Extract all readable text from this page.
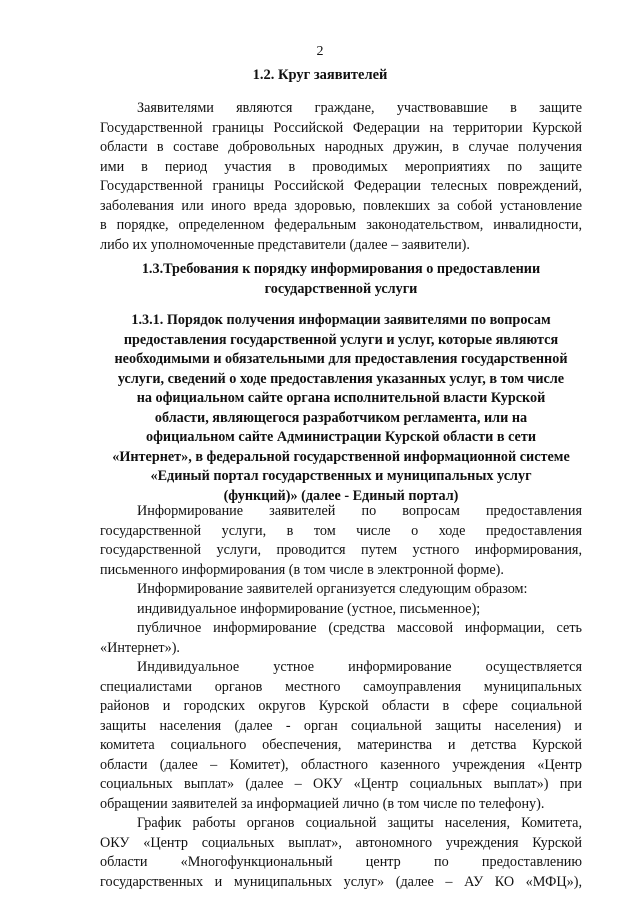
2
1.2. Круг заявителей
Заявителями являются граждане, участвовавшие в защите
Государственной границы Российской Федерации на территории Курской
области в составе добровольных народных дружин, в случае получения
ими в период участия в проводимых мероприятиях по защите
Государственной границы Российской Федерации телесных повреждений,
заболевания или иного вреда здоровью, повлекших за собой установление
в порядке, определенном федеральным законодательством, инвалидности,
либо их уполномоченные представители (далее – заявители).
1.3.Требования к порядку информирования о предоставлении
государственной услуги
1.3.1. Порядок получения информации заявителями по вопросам
предоставления государственной услуги и услуг, которые являются
необходимыми и обязательными для предоставления государственной
услуги, сведений о ходе предоставления указанных услуг, в том числе
на официальном сайте органа исполнительной власти Курской
области, являющегося разработчиком регламента, или на
официальном сайте Администрации Курской области в сети
«Интернет», в федеральной государственной информационной системе
«Единый портал государственных и муниципальных услуг
(функций)» (далее - Единый портал)
Информирование заявителей по вопросам предоставления
государственной услуги, в том числе о ходе предоставления
государственной услуги, проводится путем устного информирования,
письменного информирования (в том числе в электронной форме).
Информирование заявителей организуется следующим образом:
индивидуальное информирование (устное, письменное);
публичное информирование (средства массовой информации, сеть
«Интернет»).
Индивидуальное устное информирование осуществляется
специалистами органов местного самоуправления муниципальных
районов и городских округов Курской области в сфере социальной
защиты населения (далее - орган социальной защиты населения) и
комитета социального обеспечения, материнства и детства Курской
области (далее – Комитет), областного казенного учреждения «Центр
социальных выплат» (далее – ОКУ «Центр социальных выплат») при
обращении заявителей за информацией лично (в том числе по телефону).
График работы органов социальной защиты населения, Комитета,
ОКУ «Центр социальных выплат», автономного учреждения Курской
области «Многофункциональный центр по предоставлению
государственных и муниципальных услуг» (далее – АУ КО «МФЦ»),
